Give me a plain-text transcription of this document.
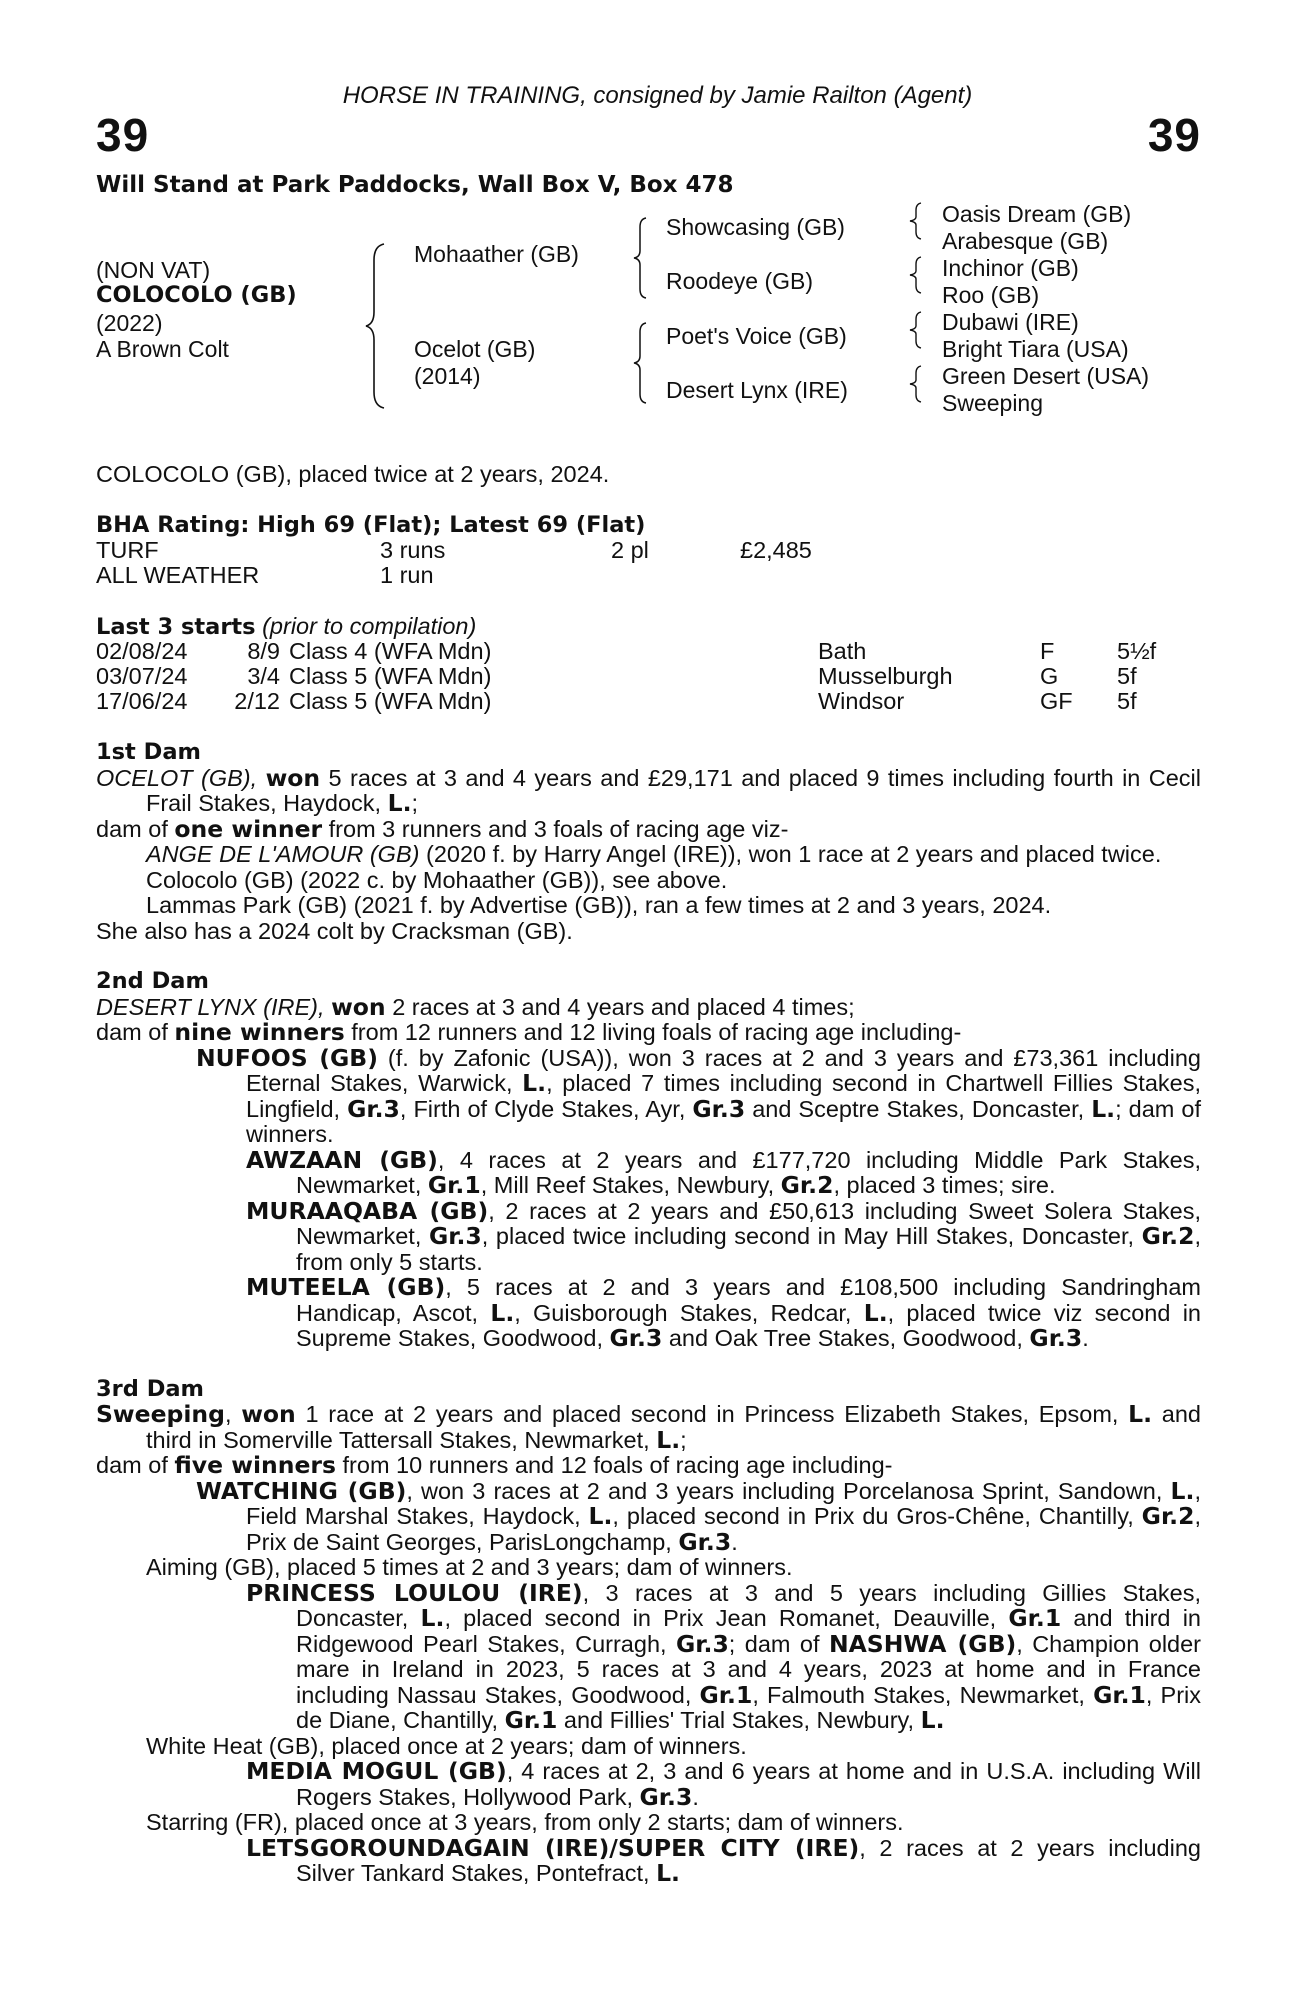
HORSE IN TRAINING, consigned by Jamie Railton (Agent)
39	39
Will Stand at Park Paddocks, Wall Box V, Box 478
(NON VAT)
COLOCOLO (GB)
(2022)
A Brown Colt
Mohaather (GB)
Ocelot (GB)
(2014)
Showcasing (GB)
Roodeye (GB)
Poet's Voice (GB)
Desert Lynx (IRE)
Oasis Dream (GB)
Arabesque (GB)
Inchinor (GB)
Roo (GB)
Dubawi (IRE)
Bright Tiara (USA)
Green Desert (USA)
Sweeping
COLOCOLO (GB), placed twice at 2 years, 2024.
BHA Rating: High 69 (Flat); Latest 69 (Flat)
TURF	3 runs	2 pl	£2,485
ALL WEATHER	1 run
Last 3 starts (prior to compilation)
02/08/24	8/9 Class 4 (WFA Mdn)	Bath	F	5½f
03/07/24	3/4 Class 5 (WFA Mdn)	Musselburgh	G 5f
17/06/24	2/12 Class 5 (WFA Mdn)	Windsor	GF 5f
1st Dam

OCELOT (GB), won 5 races at 3 and 4 years and £29,171 and placed 9 times including fourth in Cecil Frail Stakes, Haydock, L.;

dam of one winner from 3 runners and 3 foals of racing age viz-

ANGE DE L'AMOUR (GB) (2020 f. by Harry Angel (IRE)), won 1 race at 2 years and placed twice.

Colocolo (GB) (2022 c. by Mohaather (GB)), see above.

Lammas Park (GB) (2021 f. by Advertise (GB)), ran a few times at 2 and 3 years, 2024.

She also has a 2024 colt by Cracksman (GB).

2nd Dam

DESERT LYNX (IRE), won 2 races at 3 and 4 years and placed 4 times;

dam of nine winners from 12 runners and 12 living foals of racing age including-

NUFOOS (GB) (f. by Zafonic (USA)), won 3 races at 2 and 3 years and £73,361 including Eternal Stakes, Warwick, L., placed 7 times including second in Chartwell Fillies Stakes, Lingfield, Gr.3, Firth of Clyde Stakes, Ayr, Gr.3 and Sceptre Stakes, Doncaster, L.; dam of winners.

AWZAAN (GB), 4 races at 2 years and £177,720 including Middle Park Stakes, Newmarket, Gr.1, Mill Reef Stakes, Newbury, Gr.2, placed 3 times; sire.

MURAAQABA (GB), 2 races at 2 years and £50,613 including Sweet Solera Stakes, Newmarket, Gr.3, placed twice including second in May Hill Stakes, Doncaster, Gr.2, from only 5 starts.

MUTEELA (GB), 5 races at 2 and 3 years and £108,500 including Sandringham Handicap, Ascot, L., Guisborough Stakes, Redcar, L., placed twice viz second in Supreme Stakes, Goodwood, Gr.3 and Oak Tree Stakes, Goodwood, Gr.3.

3rd Dam

Sweeping, won 1 race at 2 years and placed second in Princess Elizabeth Stakes, Epsom, L. and third in Somerville Tattersall Stakes, Newmarket, L.;

dam of five winners from 10 runners and 12 foals of racing age including-

WATCHING (GB), won 3 races at 2 and 3 years including Porcelanosa Sprint, Sandown, L., Field Marshal Stakes, Haydock, L., placed second in Prix du Gros-Chêne, Chantilly, Gr.2, Prix de Saint Georges, ParisLongchamp, Gr.3.

Aiming (GB), placed 5 times at 2 and 3 years; dam of winners.

PRINCESS LOULOU (IRE), 3 races at 3 and 5 years including Gillies Stakes, Doncaster, L., placed second in Prix Jean Romanet, Deauville, Gr.1 and third in Ridgewood Pearl Stakes, Curragh, Gr.3; dam of NASHWA (GB), Champion older mare in Ireland in 2023, 5 races at 3 and 4 years, 2023 at home and in France including Nassau Stakes, Goodwood, Gr.1, Falmouth Stakes, Newmarket, Gr.1, Prix de Diane, Chantilly, Gr.1 and Fillies' Trial Stakes, Newbury, L.

White Heat (GB), placed once at 2 years; dam of winners.

MEDIA MOGUL (GB), 4 races at 2, 3 and 6 years at home and in U.S.A. including Will Rogers Stakes, Hollywood Park, Gr.3.

Starring (FR), placed once at 3 years, from only 2 starts; dam of winners.

LETSGOROUNDAGAIN (IRE)/SUPER CITY (IRE), 2 races at 2 years including Silver Tankard Stakes, Pontefract, L.
